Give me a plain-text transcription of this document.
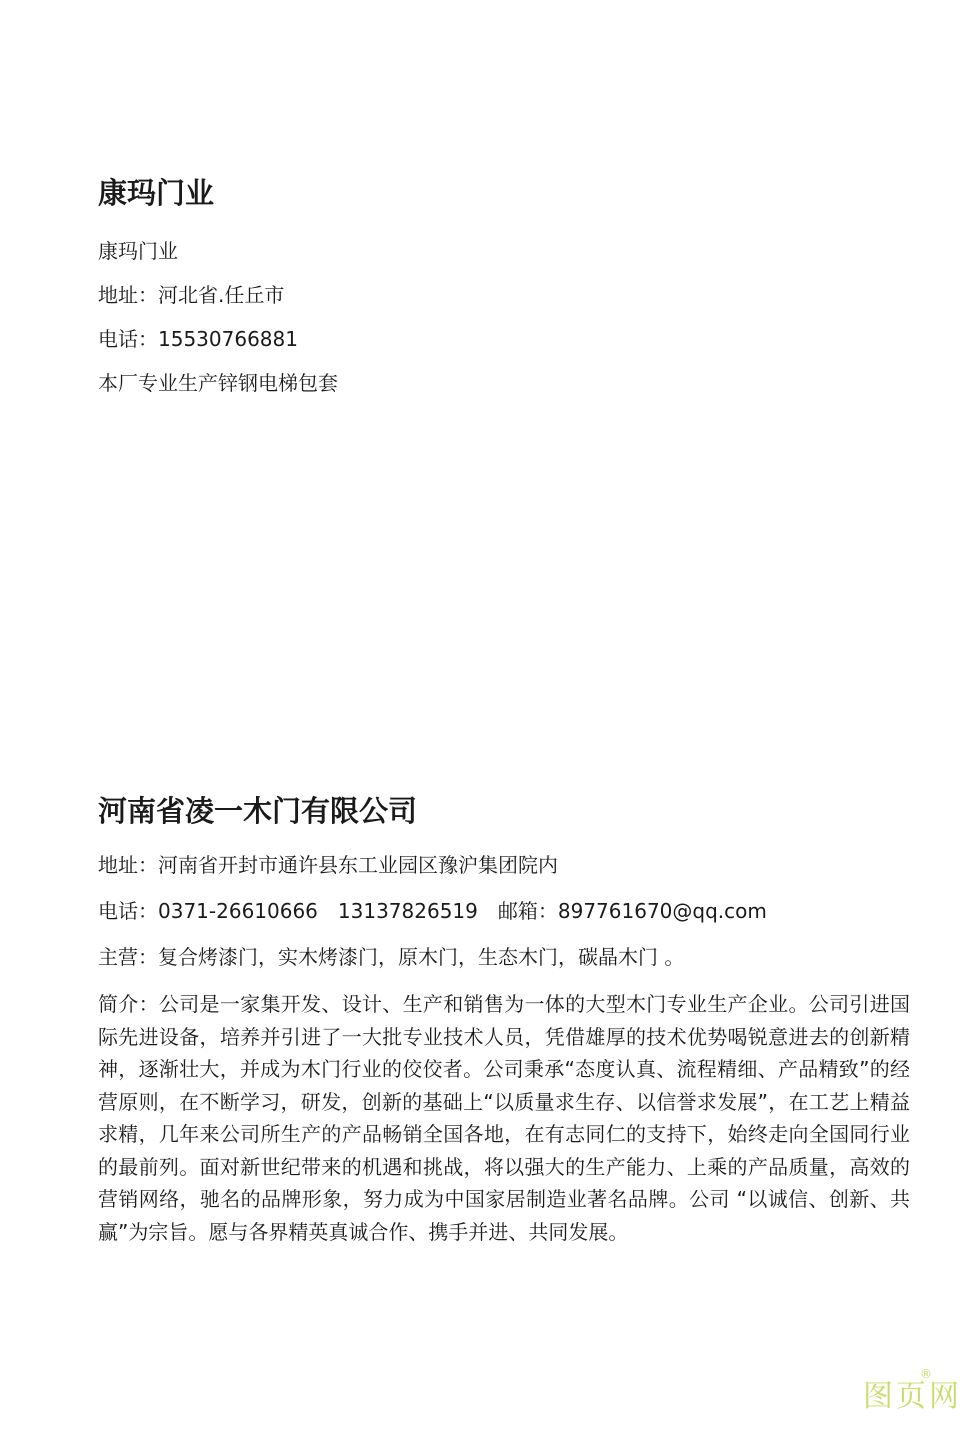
康玛门业
康玛门业
地址：河北省.任丘市
电话：15530766881
本厂专业生产锌钢电梯包套
河南省凌一木门有限公司
地址：河南省开封市通许县东工业园区豫沪集团院内
电话：0371-26610666　13137826519　邮箱：897761670@qq.com
主营：复合烤漆门，实木烤漆门，原木门，生态木门，碳晶木门 。

简介：公司是一家集开发、设计、生产和销售为一体的大型木门专业生产企业。公司引进国际先进设备，培养并引进了一大批专业技术人员，凭借雄厚的技术优势喝锐意进去的创新精神，逐渐壮大，并成为木门行业的佼佼者。公司秉承“态度认真、流程精细、产品精致”的经营原则，在不断学习，研发，创新的基础上“以质量求生存、以信誉求发展”，在工艺上精益求精，几年来公司所生产的产品畅销全国各地，在有志同仁的支持下，始终走向全国同行业的最前列。面对新世纪带来的机遇和挑战，将以强大的生产能力、上乘的产品质量，高效的营销网络，驰名的品牌形象，努力成为中国家居制造业著名品牌。公司 “以诚信、创新、共赢”为宗旨。愿与各界精英真诚合作、携手并进、共同发展。

®
图页网
